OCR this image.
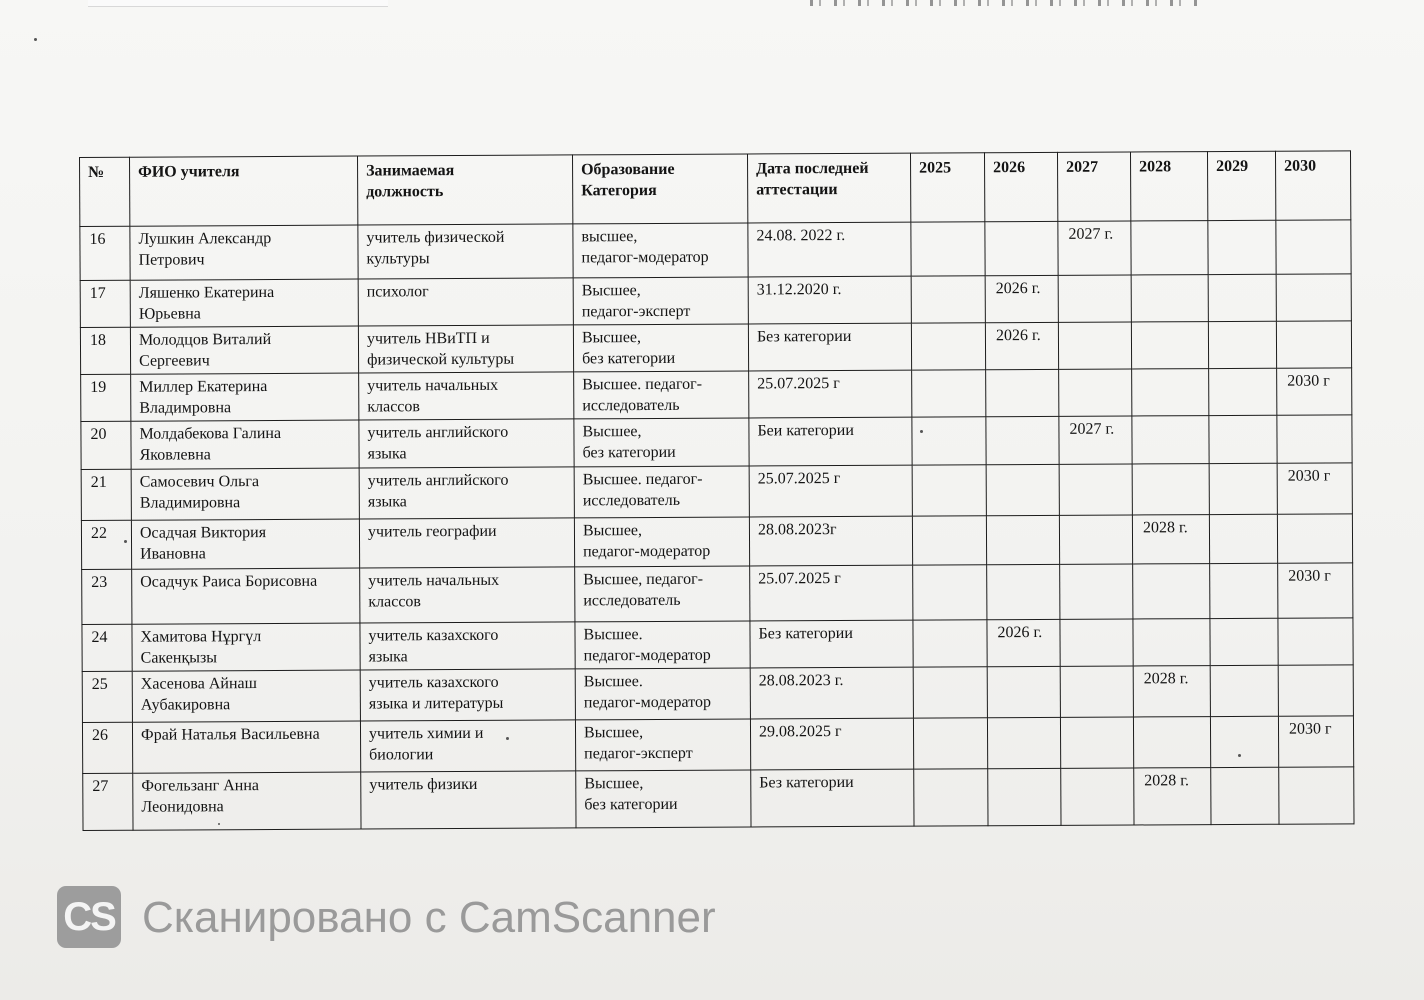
№	ФИО учителя	Занимаемая
должность	Образование
Категория	Дата последней
аттестации	2025	2026	2027	2028	2029	2030
16	Лушкин Александр
Петрович	учитель физической
культуры	высшее,
педагог-модератор	24.08. 2022 г.			2027 г.			
17	Ляшенко Екатерина
Юрьевна	психолог	Высшее,
педагог-эксперт	31.12.2020 г.		2026 г.				
18	Молодцов Виталий
Сергеевич	учитель НВиТП и
физической культуры	Высшее,
без категории	Без категории		2026 г.				
19	Миллер Екатерина
Владимровна	учитель начальных
классов	Высшее. педагог-
исследователь	25.07.2025 г						2030 г
20	Молдабекова Галина
Яковлевна	учитель английского
языка	Высшее,
без категории	Беи категории			2027 г.			
21	Самосевич Ольга
Владимировна	учитель английского
языка	Высшее. педагог-
исследователь	25.07.2025 г						2030 г
22	Осадчая Виктория
Ивановна	учитель географии	Высшее,
педагог-модератор	28.08.2023г				2028 г.		
23	Осадчук Раиса Борисовна	учитель начальных
классов	Высшее, педагог-
исследователь	25.07.2025 г						2030 г
24	Хамитова Нұргүл
Сакенқызы	учитель казахского
языка	Высшее.
педагог-модератор	Без категории		2026 г.				
25	Хасенова Айнаш
Аубакировна	учитель казахского
языка и литературы	Высшее.
педагог-модератор	28.08.2023 г.				2028 г.		
26	Фрай Наталья Васильевна	учитель химии и
биологии	Высшее,
педагог-эксперт	29.08.2025 г						2030 г
27	Фогельзанг Анна
Леонидовна	учитель физики	Высшее,
без категории	Без категории				2028 г.		
CS Сканировано с CamScanner
